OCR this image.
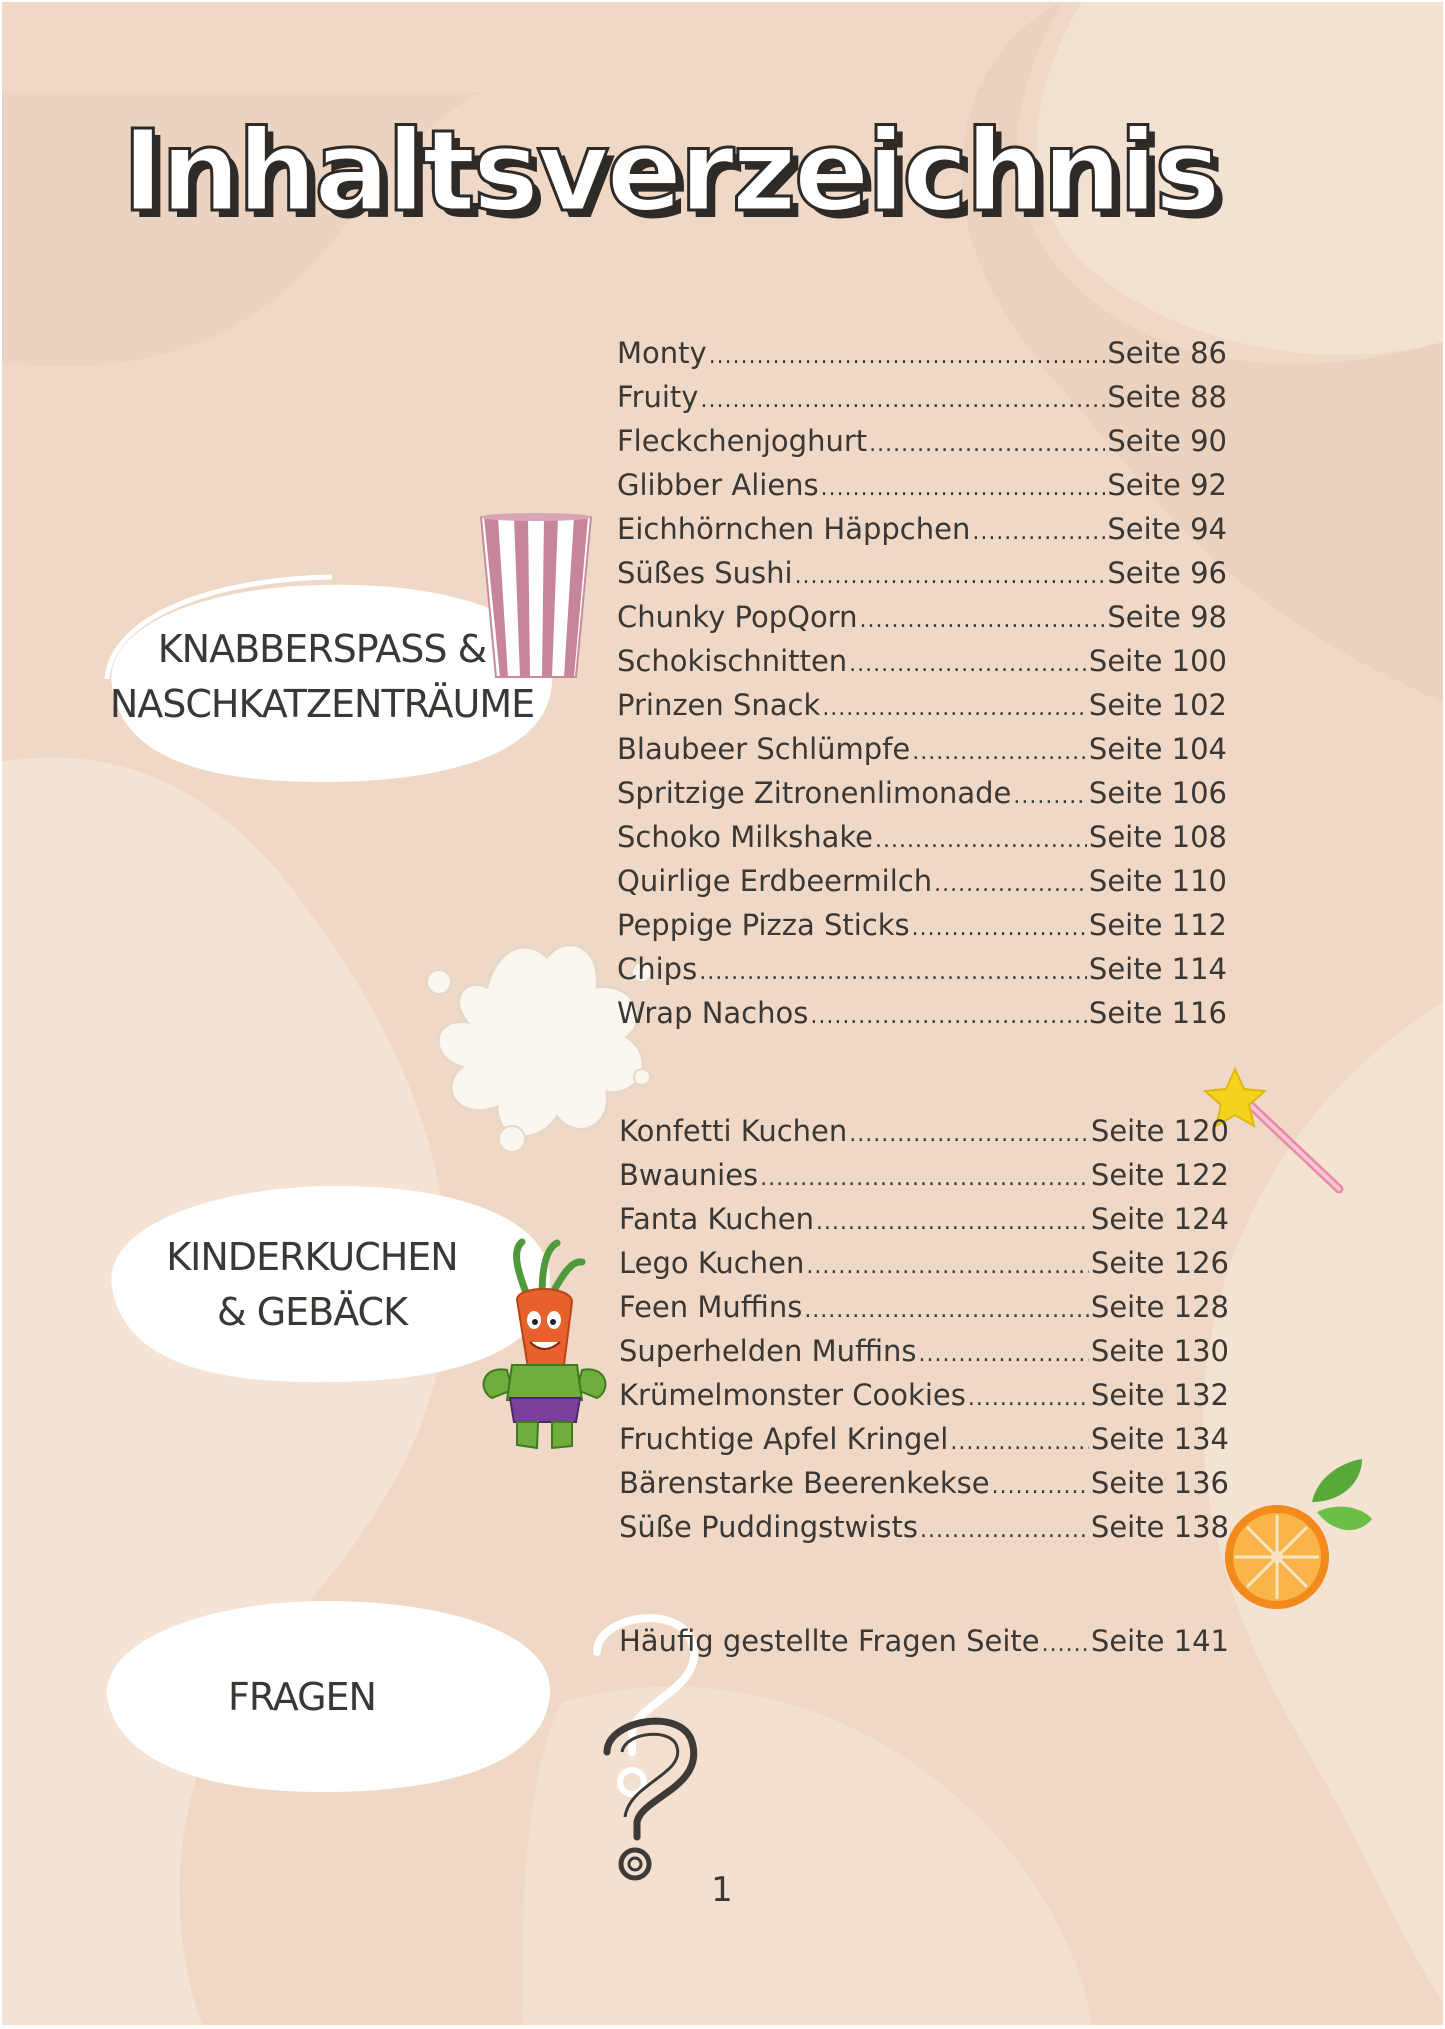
Inhaltsverzeichnis
KNABBERSPASS &
NASCHKATZENTRÄUME
KINDERKUCHEN
& GEBÄCK
FRAGEN
Monty .....	Seite 86
Fruity .....	Seite 88
Fleckchenjoghurt .....	Seite 90
Glibber Aliens .....	Seite 92
Eichhörnchen Häppchen .....	Seite 94
Süßes Sushi .....	Seite 96
Chunky PopQorn .....	Seite 98
Schokischnitten .....	Seite 100
Prinzen Snack .....	Seite 102
Blaubeer Schlümpfe .....	Seite 104
Spritzige Zitronenlimonade .....	Seite 106
Schoko Milkshake .....	Seite 108
Quirlige Erdbeermilch .....	Seite 110
Peppige Pizza Sticks .....	Seite 112
Chips .....	Seite 114
Wrap Nachos .....	Seite 116
Konfetti Kuchen .....	Seite 120
Bwaunies .....	Seite 122
Fanta Kuchen .....	Seite 124
Lego Kuchen .....	Seite 126
Feen Muffins .....	Seite 128
Superhelden Muffins .....	Seite 130
Krümelmonster Cookies .....	Seite 132
Fruchtige Apfel Kringel .....	Seite 134
Bärenstarke Beerenkekse .....	Seite 136
Süße Puddingstwists .....	Seite 138
Häufig gestellte Fragen Seite ..... Seite 141
1
